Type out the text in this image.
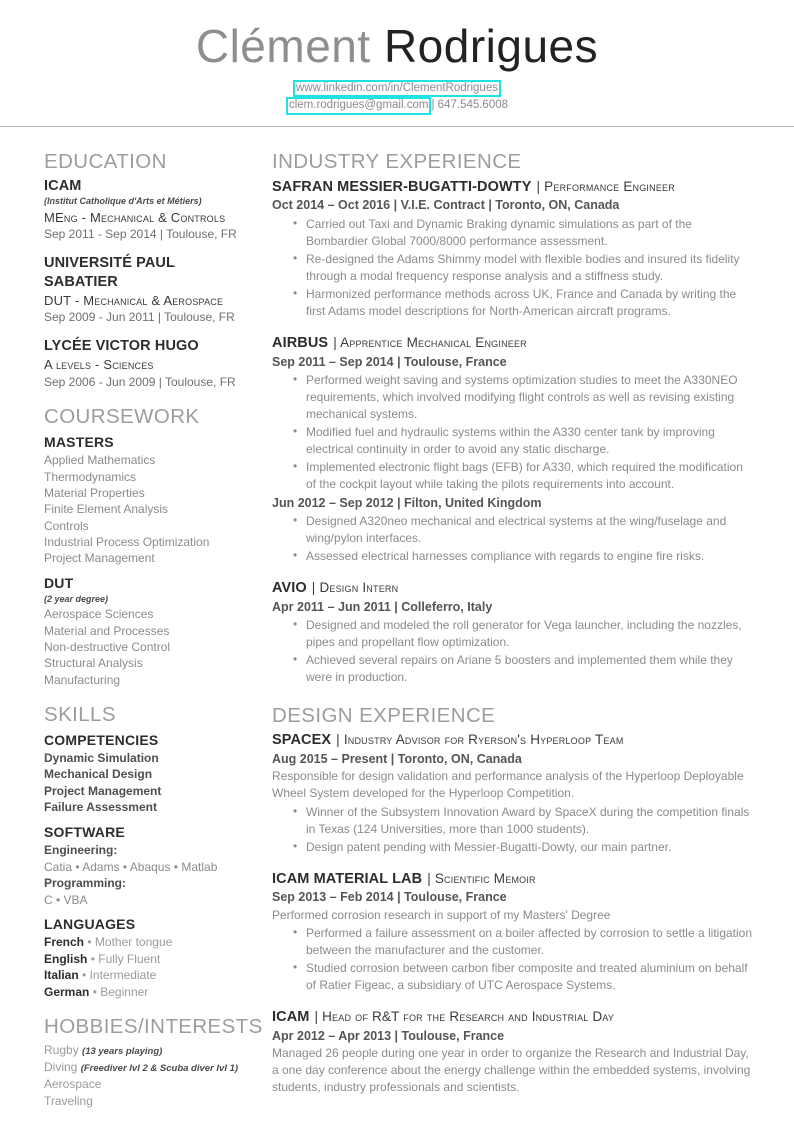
Clément Rodrigues
www.linkedin.com/in/ClementRodrigues
clem.rodrigues@gmail.com | 647.545.6008
EDUCATION
ICAM
(Institut Catholique d'Arts et Métiers)
MEng - Mechanical & Controls
Sep 2011 - Sep 2014 | Toulouse, FR
UNIVERSITÉ PAUL SABATIER
DUT - Mechanical & Aerospace
Sep 2009 - Jun 2011 | Toulouse, FR
LYCÉE VICTOR HUGO
A levels - Sciences
Sep 2006 - Jun 2009 | Toulouse, FR
COURSEWORK
MASTERS
Applied Mathematics
Thermodynamics
Material Properties
Finite Element Analysis
Controls
Industrial Process Optimization
Project Management
DUT
(2 year degree)
Aerospace Sciences
Material and Processes
Non-destructive Control
Structural Analysis
Manufacturing
SKILLS
COMPETENCIES
Dynamic Simulation
Mechanical Design
Project Management
Failure Assessment
SOFTWARE
Engineering:
Catia • Adams • Abaqus • Matlab
Programming:
C • VBA
LANGUAGES
French • Mother tongue
English • Fully Fluent
Italian • Intermediate
German • Beginner
HOBBIES/INTERESTS
Rugby (13 years playing)
Diving (Freediver lvl 2 & Scuba diver lvl 1)
Aerospace
Traveling
INDUSTRY EXPERIENCE
SAFRAN MESSIER-BUGATTI-DOWTY | Performance Engineer
Oct 2014 – Oct 2016 | V.I.E. Contract | Toronto, ON, Canada
• Carried out Taxi and Dynamic Braking dynamic simulations as part of the Bombardier Global 7000/8000 performance assessment.
• Re-designed the Adams Shimmy model with flexible bodies and insured its fidelity through a modal frequency response analysis and a stiffness study.
• Harmonized performance methods across UK, France and Canada by writing the first Adams model descriptions for North-American aircraft programs.
AIRBUS | Apprentice Mechanical Engineer
Sep 2011 – Sep 2014 | Toulouse, France
• Performed weight saving and systems optimization studies to meet the A330NEO requirements, which involved modifying flight controls as well as revising existing mechanical systems.
• Modified fuel and hydraulic systems within the A330 center tank by improving electrical continuity in order to avoid any static discharge.
• Implemented electronic flight bags (EFB) for A330, which required the modification of the cockpit layout while taking the pilots requirements into account.
Jun 2012 – Sep 2012 | Filton, United Kingdom
• Designed A320neo mechanical and electrical systems at the wing/fuselage and wing/pylon interfaces.
• Assessed electrical harnesses compliance with regards to engine fire risks.
AVIO | Design Intern
Apr 2011 – Jun 2011 | Colleferro, Italy
• Designed and modeled the roll generator for Vega launcher, including the nozzles, pipes and propellant flow optimization.
• Achieved several repairs on Ariane 5 boosters and implemented them while they were in production.
DESIGN EXPERIENCE
SPACEX | Industry Advisor for Ryerson's Hyperloop Team
Aug 2015 – Present | Toronto, ON, Canada
Responsible for design validation and performance analysis of the Hyperloop Deployable Wheel System developed for the Hyperloop Competition.
• Winner of the Subsystem Innovation Award by SpaceX during the competition finals in Texas (124 Universities, more than 1000 students).
• Design patent pending with Messier-Bugatti-Dowty, our main partner.
ICAM MATERIAL LAB | Scientific Memoir
Sep 2013 – Feb 2014 | Toulouse, France
Performed corrosion research in support of my Masters' Degree
• Performed a failure assessment on a boiler affected by corrosion to settle a litigation between the manufacturer and the customer.
• Studied corrosion between carbon fiber composite and treated aluminium on behalf of Ratier Figeac, a subsidiary of UTC Aerospace Systems.
ICAM | Head of R&T for the Research and Industrial Day
Apr 2012 – Apr 2013 | Toulouse, France
Managed 26 people during one year in order to organize the Research and Industrial Day, a one day conference about the energy challenge within the embedded systems, involving students, industry professionals and scientists.
